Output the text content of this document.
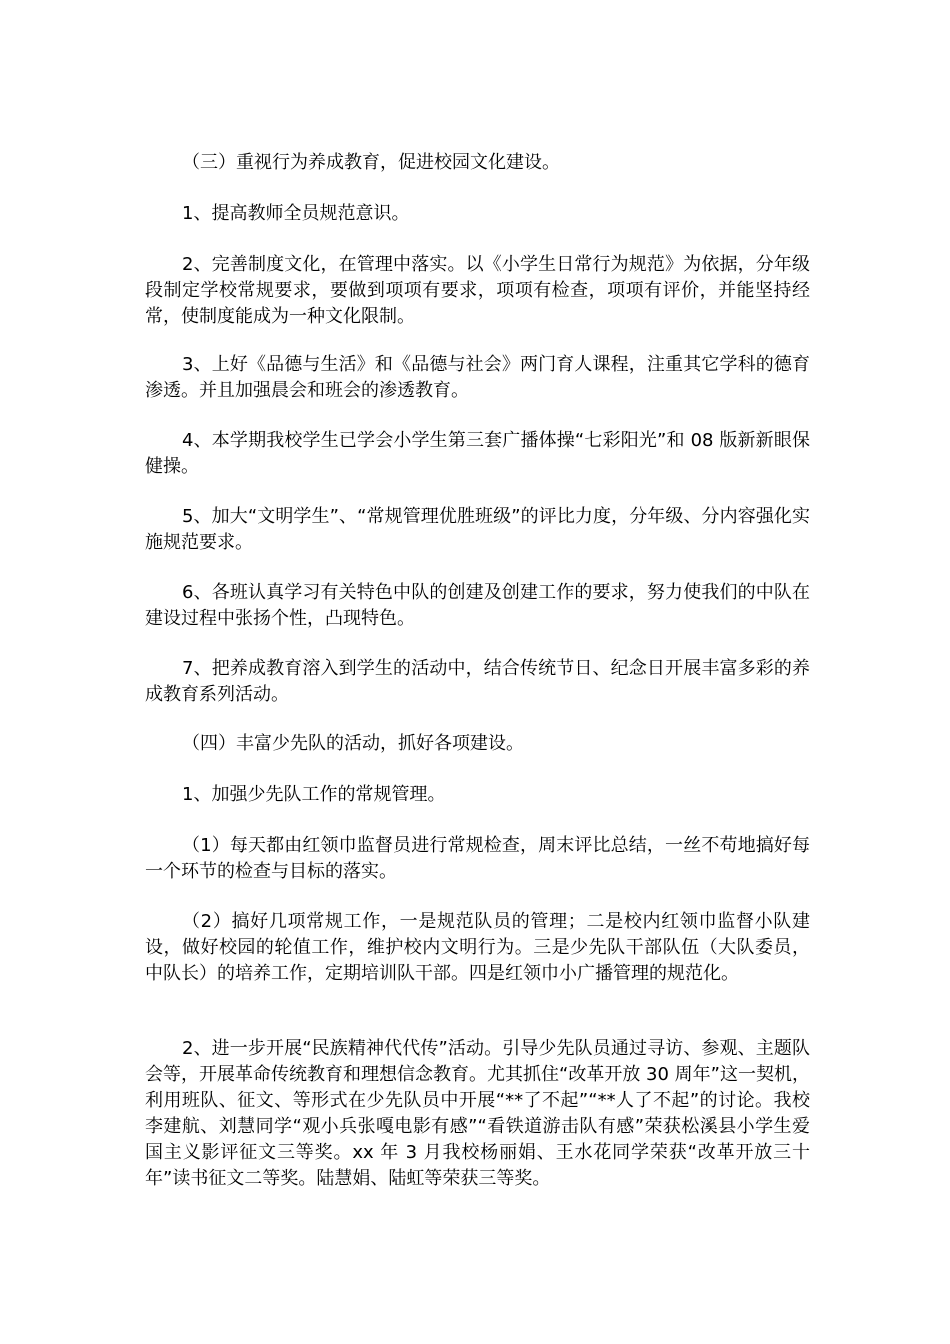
（三）重视行为养成教育，促进校园文化建设。

1、提高教师全员规范意识。

2、完善制度文化，在管理中落实。以《小学生日常行为规范》为依据，分年级段制定学校常规要求，要做到项项有要求，项项有检查，项项有评价，并能坚持经常，使制度能成为一种文化限制。

3、上好《品德与生活》和《品德与社会》两门育人课程，注重其它学科的德育渗透。并且加强晨会和班会的渗透教育。

4、本学期我校学生已学会小学生第三套广播体操“七彩阳光”和 08 版新新眼保健操。

5、加大“文明学生”、“常规管理优胜班级”的评比力度，分年级、分内容强化实施规范要求。

6、各班认真学习有关特色中队的创建及创建工作的要求，努力使我们的中队在建设过程中张扬个性，凸现特色。

7、把养成教育溶入到学生的活动中，结合传统节日、纪念日开展丰富多彩的养成教育系列活动。

（四）丰富少先队的活动，抓好各项建设。

1、加强少先队工作的常规管理。

（1）每天都由红领巾监督员进行常规检查，周末评比总结，一丝不苟地搞好每一个环节的检查与目标的落实。

（2）搞好几项常规工作，一是规范队员的管理；二是校内红领巾监督小队建设，做好校园的轮值工作，维护校内文明行为。三是少先队干部队伍（大队委员，中队长）的培养工作，定期培训队干部。四是红领巾小广播管理的规范化。

2、进一步开展“民族精神代代传”活动。引导少先队员通过寻访、参观、主题队会等，开展革命传统教育和理想信念教育。尤其抓住“改革开放 30 周年”这一契机，利用班队、征文、等形式在少先队员中开展“**了不起”“**人了不起”的讨论。我校李建航、刘慧同学“观小兵张嘎电影有感”“看铁道游击队有感”荣获松溪县小学生爱国主义影评征文三等奖。xx 年 3 月我校杨丽娟、王水花同学荣获“改革开放三十年”读书征文二等奖。陆慧娟、陆虹等荣获三等奖。
